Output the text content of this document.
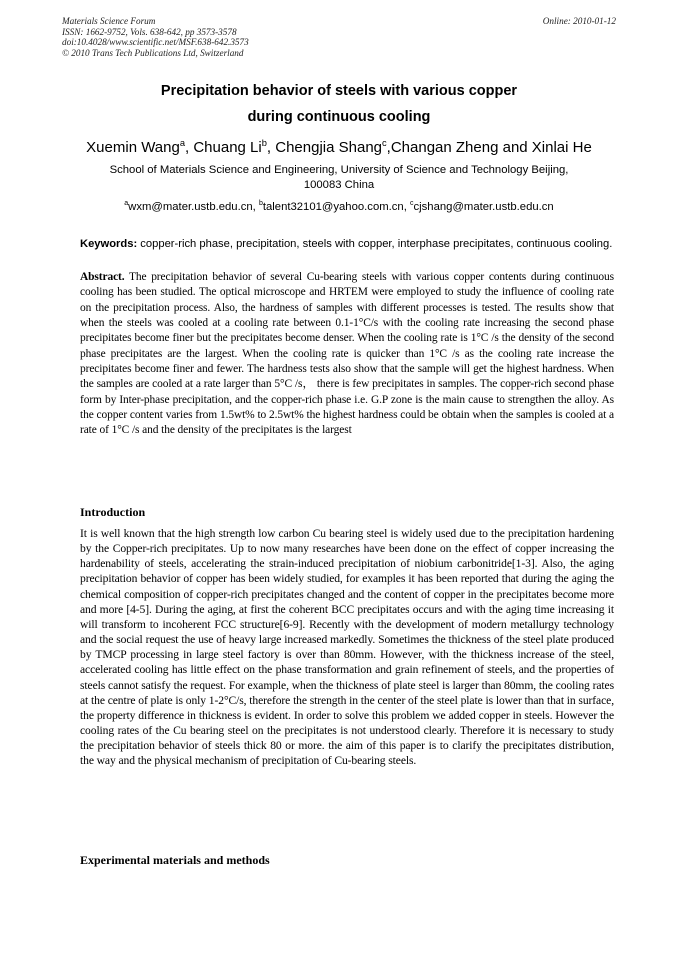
Materials Science Forum
ISSN: 1662-9752, Vols. 638-642, pp 3573-3578
doi:10.4028/www.scientific.net/MSF.638-642.3573
© 2010 Trans Tech Publications Ltd, Switzerland
Online: 2010-01-12
Precipitation behavior of steels with various copper
during continuous cooling
Xuemin Wang$^a$, Chuang Li$^b$, Chengjia Shang$^c$,Changan Zheng and Xinlai He
School of Materials Science and Engineering, University of Science and Technology Beijing,
100083 China
$^a$wxm@mater.ustb.edu.cn, $^b$talent32101@yahoo.com.cn, $^c$cjshang@mater.ustb.edu.cn
Keywords: copper-rich phase, precipitation, steels with copper, interphase precipitates, continuous cooling.
Abstract. The precipitation behavior of several Cu-bearing steels with various copper contents during continuous cooling has been studied. The optical microscope and HRTEM were employed to study the influence of cooling rate on the precipitation process. Also, the hardness of samples with different processes is tested. The results show that when the steels was cooled at a cooling rate between 0.1-1°C/s with the cooling rate increasing the second phase precipitates become finer but the precipitates become denser. When the cooling rate is 1°C /s the density of the second phase precipitates are the largest. When the cooling rate is quicker than 1°C /s as the cooling rate increase the precipitates become finer and fewer. The hardness tests also show that the sample will get the highest hardness. When the samples are cooled at a rate larger than 5°C /s， there is few precipitates in samples. The copper-rich second phase form by Inter-phase precipitation, and the copper-rich phase i.e. G.P zone is the main cause to strengthen the alloy. As the copper content varies from 1.5wt% to 2.5wt% the highest hardness could be obtain when the samples is cooled at a rate of 1°C /s and the density of the precipitates is the largest
Introduction
It is well known that the high strength low carbon Cu bearing steel is widely used due to the precipitation hardening by the Copper-rich precipitates. Up to now many researches have been done on the effect of copper increasing the hardenability of steels, accelerating the strain-induced precipitation of niobium carbonitride[1-3]. Also, the aging precipitation behavior of copper has been widely studied, for examples it has been reported that during the aging the chemical composition of copper-rich precipitates changed and the content of copper in the precipitates become more and more [4-5]. During the aging, at first the coherent BCC precipitates occurs and with the aging time increasing it will transform to incoherent FCC structure[6-9]. Recently with the development of modern metallurgy technology and the social request the use of heavy large increased markedly. Sometimes the thickness of the steel plate produced by TMCP processing in large steel factory is over than 80mm. However, with the thickness increase of the steel, accelerated cooling has little effect on the phase transformation and grain refinement of steels, and the properties of steels cannot satisfy the request. For example, when the thickness of plate steel is larger than 80mm, the cooling rates at the centre of plate is only 1-2°C/s, therefore the strength in the center of the steel plate is lower than that in surface, the property difference in thickness is evident. In order to solve this problem we added copper in steels. However the cooling rates of the Cu bearing steel on the precipitates is not understood clearly. Therefore it is necessary to study the precipitation behavior of steels thick 80 or more. the aim of this paper is to clarify the precipitates distribution, the way and the physical mechanism of precipitation of Cu-bearing steels.
Experimental materials and methods
